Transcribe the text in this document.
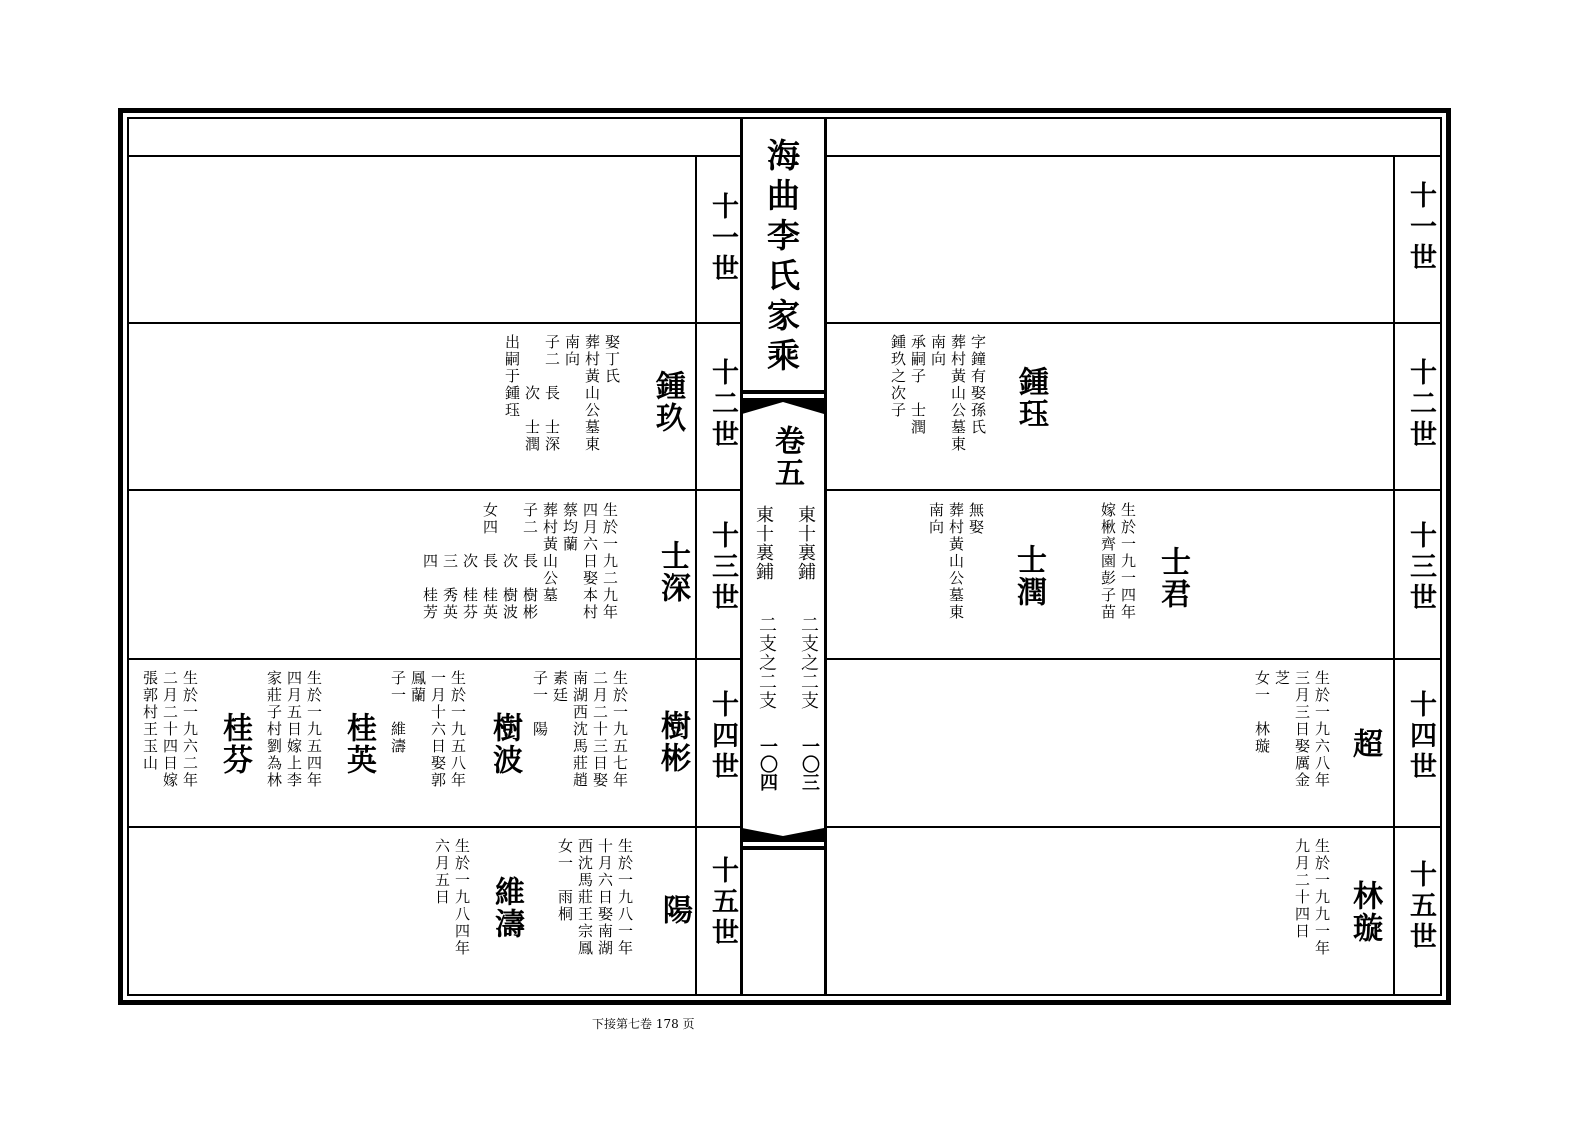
海曲李氏家乘
卷五
東十裏鋪
二支之二支
一〇三
東十裏鋪
二支之二支
一〇四
十一世
十二世
十三世
十四世
十五世
十一世
十二世
十三世
十四世
十五世
鍾玖
娶丁氏
葬村黃山公墓東
南向
子二　長　士深
　　　次　士潤
出嗣于鍾珏
士深
生於一九二九年
四月六日娶本村
蔡均蘭
葬村黃山公墓
子二　長　樹彬
　　　次　樹波
女四　長　桂英
　　　次　桂芬
　　　三　秀英
　　　四　桂芳
樹彬
生於一九五七年
二月二十三日娶
南湖西沈馬莊趙
素廷
子一　陽
樹波
生於一九五八年
一月十六日娶郭
鳳蘭
子一　維濤
桂英
生於一九五四年
四月五日嫁上李
家莊子村劉為林
桂芬
生於一九六二年
二月二十四日嫁
張郭村王玉山
陽
生於一九八一年
十月六日娶南湖
西沈馬莊王宗鳳
女一　雨桐
維濤
生於一九八四年
六月五日
鍾珏
字鐘有娶孫氏
葬村黃山公墓東
南向
承嗣子　士潤
鍾玖之次子
士君
生於一九一四年
嫁楸齊園彭子苗
士潤
無娶
葬村黃山公墓東
南向
超
生於一九六八年
三月三日娶厲金
芝
女一　林璇
林璇
生於一九九一年
九月二十四日
下接第七卷 178 页
